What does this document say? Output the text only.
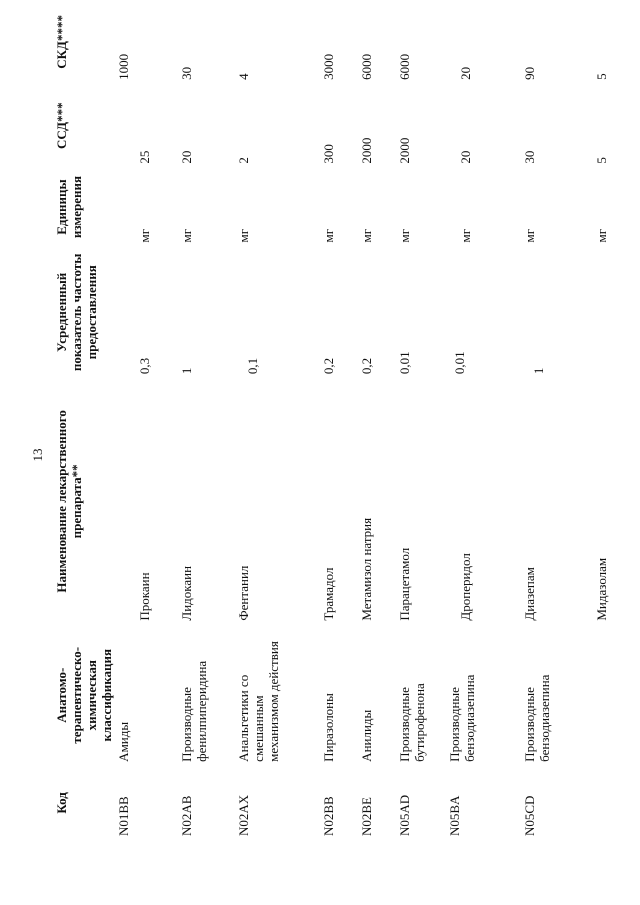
13
Код	Анатомо-терапевтическо-химическая классификация	Наименование лекарственного препарата**	Усредненный показатель частоты предоставления	Единицы измерения	ССД***	СКД****
N01BB	Амиды	Прокаин	0,3	мг	25	1000
N02AB	Производные фенилпиперидина	Лидокаин	1	мг	20	30
N02AX	Анальгетики со смешанным механизмом действия	Фентанил	0,1	мг	2	4
N02BB	Пиразолоны	Трамадол	0,2	мг	300	3000
N02BE	Анилиды	Метамизол натрия	0,2	мг	2000	6000
N05AD	Производные бутирофенона	Парацетамол	0,01	мг	2000	6000
N05BA	Производные бензодиазепина	Дроперидол	0,01	мг	20	20
N05CD	Производные бензодиазепина	Диазепам	1	мг	30	90
		Мидазолам		мг	5	5
